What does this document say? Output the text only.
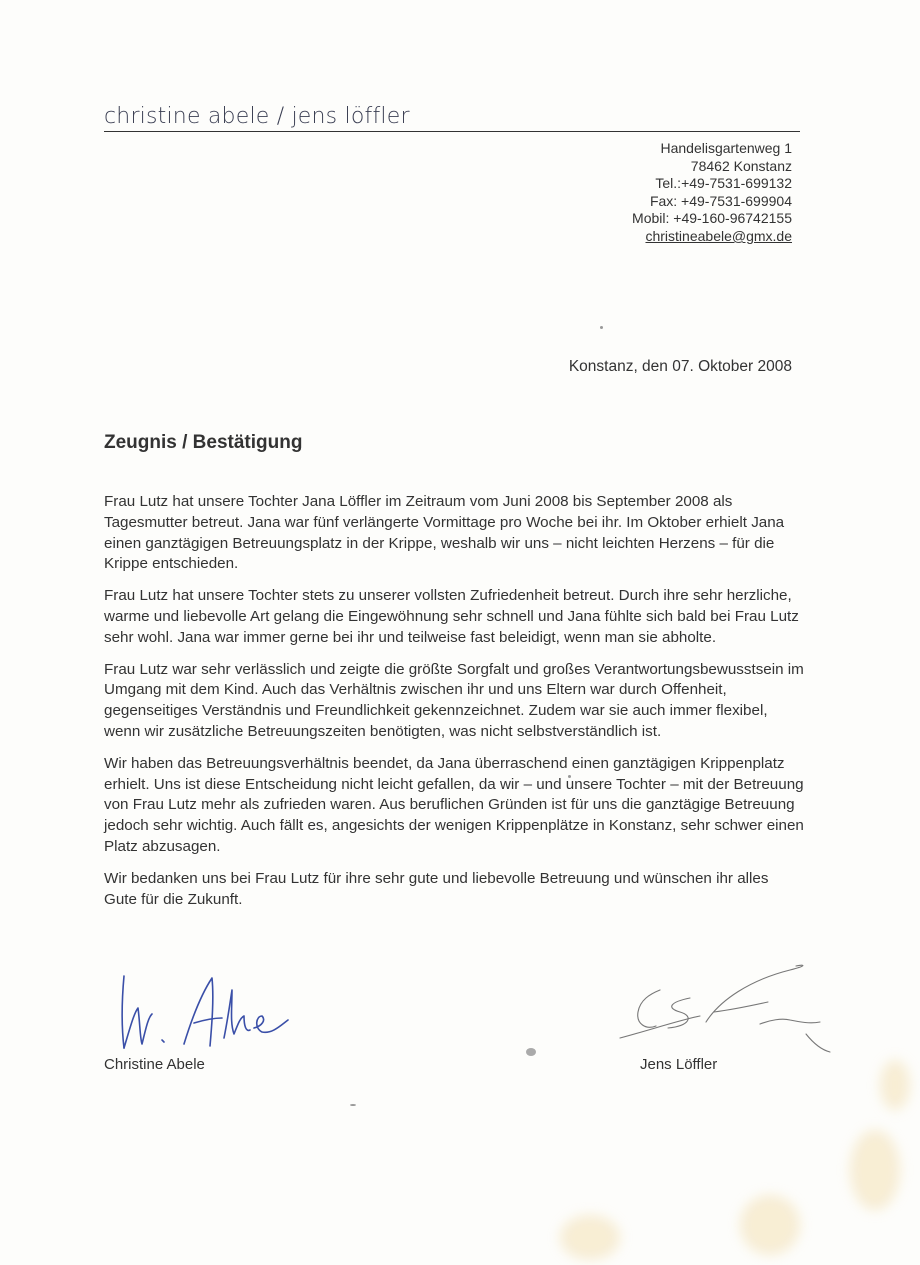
christine abele / jens löffler
Handelisgartenweg 1
78462 Konstanz
Tel.:+49-7531-699132
Fax: +49-7531-699904
Mobil: +49-160-96742155
christineabele@gmx.de
Konstanz, den 07. Oktober 2008
Zeugnis / Bestätigung

Frau Lutz hat unsere Tochter Jana Löffler im Zeitraum vom Juni 2008 bis September 2008 als Tagesmutter betreut. Jana war fünf verlängerte Vormittage pro Woche bei ihr. Im Oktober erhielt Jana einen ganztägigen Betreuungsplatz in der Krippe, weshalb wir uns – nicht leichten Herzens – für die Krippe entschieden.

Frau Lutz hat unsere Tochter stets zu unserer vollsten Zufriedenheit betreut. Durch ihre sehr herzliche, warme und liebevolle Art gelang die Eingewöhnung sehr schnell und Jana fühlte sich bald bei Frau Lutz sehr wohl. Jana war immer gerne bei ihr und teilweise fast beleidigt, wenn man sie abholte.

Frau Lutz war sehr verlässlich und zeigte die größte Sorgfalt und großes Verantwortungsbewusstsein im Umgang mit dem Kind. Auch das Verhältnis zwischen ihr und uns Eltern war durch Offenheit, gegenseitiges Verständnis und Freundlichkeit gekennzeichnet. Zudem war sie auch immer flexibel, wenn wir zusätzliche Betreuungszeiten benötigten, was nicht selbstverständlich ist.

Wir haben das Betreuungsverhältnis beendet, da Jana überraschend einen ganztägigen Krippenplatz erhielt. Uns ist diese Entscheidung nicht leicht gefallen, da wir – und unsere Tochter – mit der Betreuung von Frau Lutz mehr als zufrieden waren. Aus beruflichen Gründen ist für uns die ganztägige Betreuung jedoch sehr wichtig. Auch fällt es, angesichts der wenigen Krippenplätze in Konstanz, sehr schwer einen Platz abzusagen.

Wir bedanken uns bei Frau Lutz für ihre sehr gute und liebevolle Betreuung und wünschen ihr alles Gute für die Zukunft.

Christine Abele	Jens Löffler
